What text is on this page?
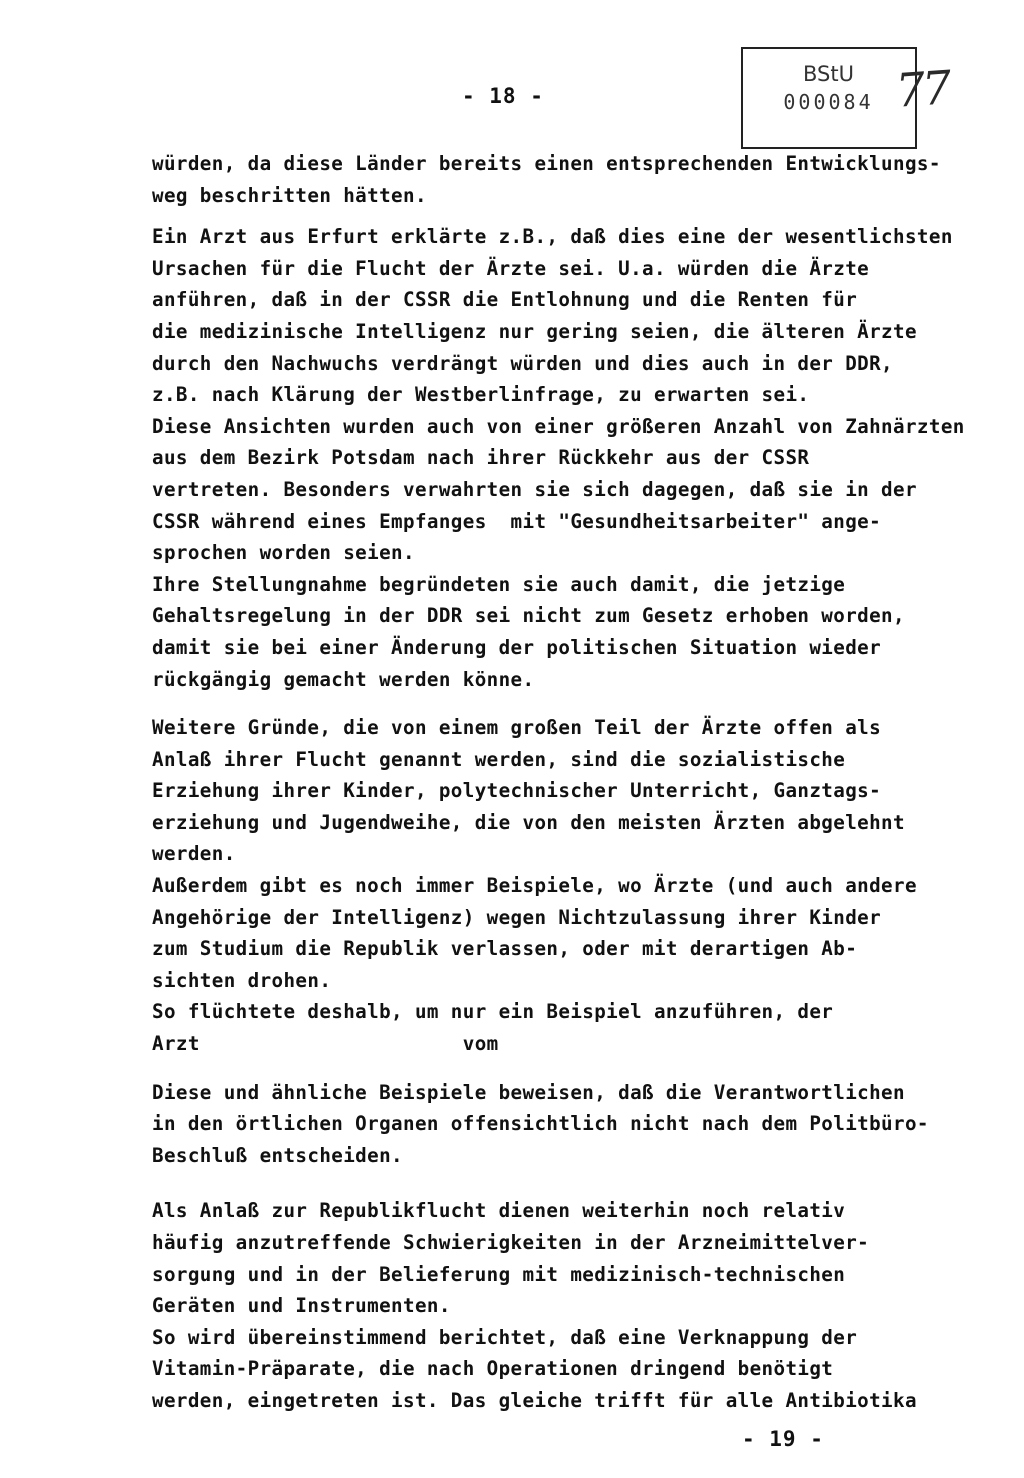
- 18 -
BStU
000084 77
würden, da diese Länder bereits einen entsprechenden Entwicklungs-
weg beschritten hätten.
Ein Arzt aus Erfurt erklärte z.B., daß dies eine der wesentlichsten
Ursachen für die Flucht der Ärzte sei. U.a. würden die Ärzte
anführen, daß in der CSSR die Entlohnung und die Renten für
die medizinische Intelligenz nur gering seien, die älteren Ärzte
durch den Nachwuchs verdrängt würden und dies auch in der DDR,
z.B. nach Klärung der Westberlinfrage, zu erwarten sei.
Diese Ansichten wurden auch von einer größeren Anzahl von Zahnärzten
aus dem Bezirk Potsdam nach ihrer Rückkehr aus der CSSR
vertreten. Besonders verwahrten sie sich dagegen, daß sie in der
CSSR während eines Empfanges  mit "Gesundheitsarbeiter" ange-
sprochen worden seien.
Ihre Stellungnahme begründeten sie auch damit, die jetzige
Gehaltsregelung in der DDR sei nicht zum Gesetz erhoben worden,
damit sie bei einer Änderung der politischen Situation wieder
rückgängig gemacht werden könne.
Weitere Gründe, die von einem großen Teil der Ärzte offen als
Anlaß ihrer Flucht genannt werden, sind die sozialistische
Erziehung ihrer Kinder, polytechnischer Unterricht, Ganztags-
erziehung und Jugendweihe, die von den meisten Ärzten abgelehnt
werden.
Außerdem gibt es noch immer Beispiele, wo Ärzte (und auch andere
Angehörige der Intelligenz) wegen Nichtzulassung ihrer Kinder
zum Studium die Republik verlassen, oder mit derartigen Ab-
sichten drohen.
So flüchtete deshalb, um nur ein Beispiel anzuführen, der
Arzt                      vom
Diese und ähnliche Beispiele beweisen, daß die Verantwortlichen
in den örtlichen Organen offensichtlich nicht nach dem Politbüro-
Beschluß entscheiden.
Als Anlaß zur Republikflucht dienen weiterhin noch relativ
häufig anzutreffende Schwierigkeiten in der Arzneimittelver-
sorgung und in der Belieferung mit medizinisch-technischen
Geräten und Instrumenten.
So wird übereinstimmend berichtet, daß eine Verknappung der
Vitamin-Präparate, die nach Operationen dringend benötigt
werden, eingetreten ist. Das gleiche trifft für alle Antibiotika
- 19 -
